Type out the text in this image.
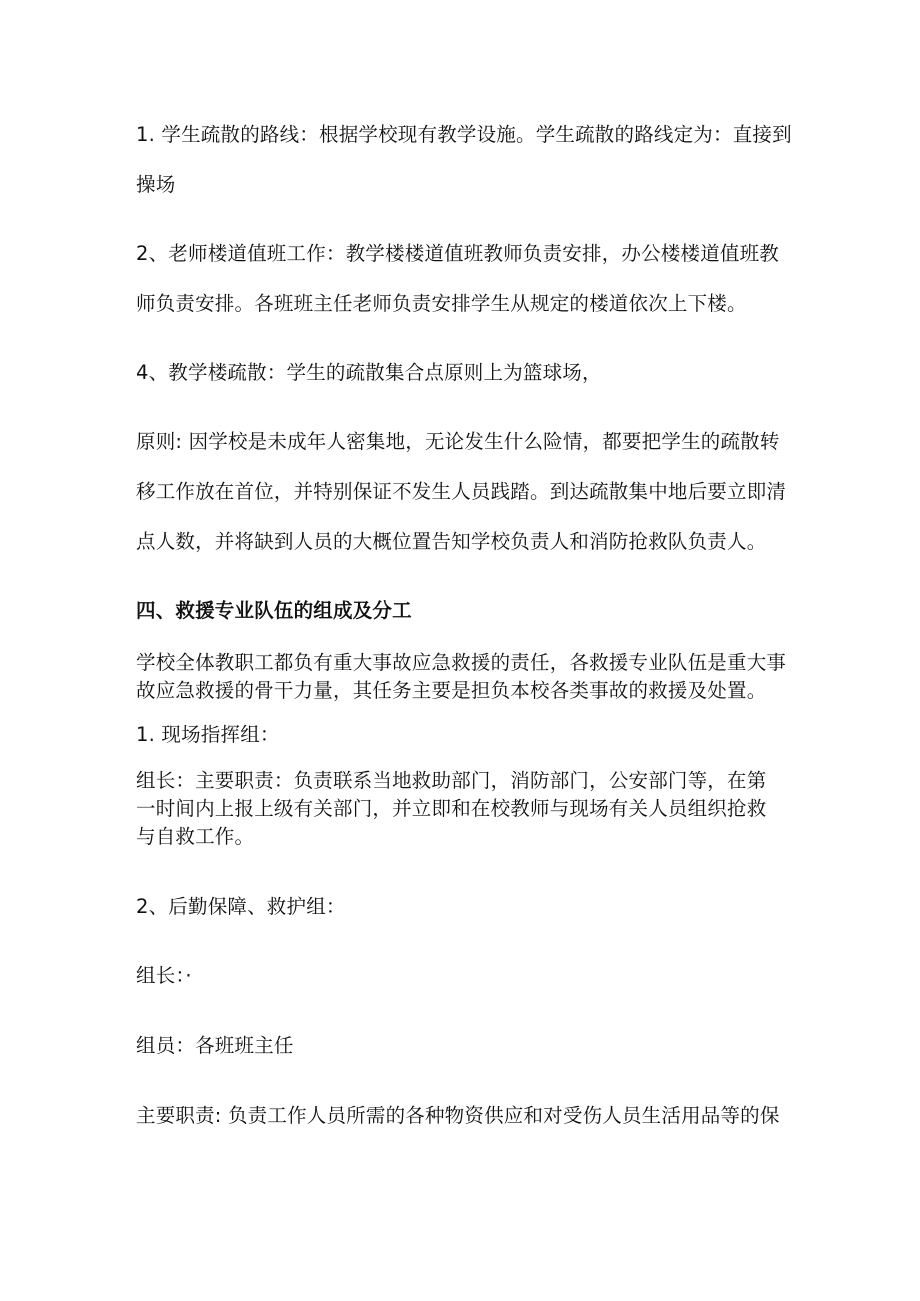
1. 学生疏散的路线：根据学校现有教学设施。学生疏散的路线定为：直接到
操场
2、老师楼道值班工作：教学楼楼道值班教师负责安排，办公楼楼道值班教
师负责安排。各班班主任老师负责安排学生从规定的楼道依次上下楼。
4、教学楼疏散：学生的疏散集合点原则上为篮球场，
原则: 因学校是未成年人密集地，无论发生什么险情，都要把学生的疏散转
移工作放在首位，并特别保证不发生人员践踏。到达疏散集中地后要立即清
点人数，并将缺到人员的大概位置告知学校负责人和消防抢救队负责人。
四、救援专业队伍的组成及分工
学校全体教职工都负有重大事故应急救援的责任，各救援专业队伍是重大事
故应急救援的骨干力量，其任务主要是担负本校各类事故的救援及处置。
1. 现场指挥组：
组长：主要职责：负责联系当地救助部门，消防部门，公安部门等，在第
一时间内上报上级有关部门，并立即和在校教师与现场有关人员组织抢救
与自救工作。
2、后勤保障、救护组：
组长：·
组员：各班班主任
主要职责: 负责工作人员所需的各种物资供应和对受伤人员生活用品等的保
